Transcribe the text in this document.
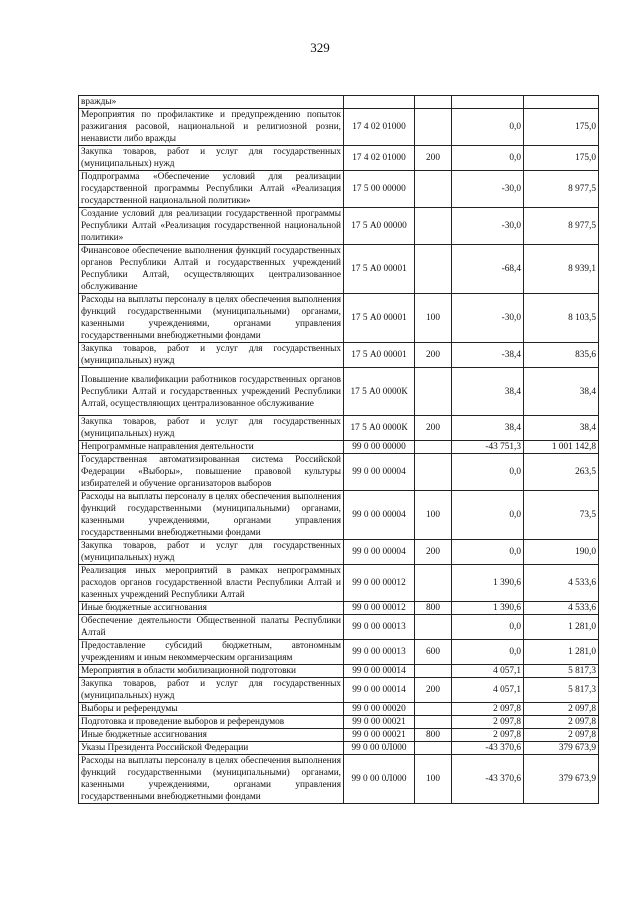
329
вражды»				
Мероприятия по профилактике и предупреждению попыток разжигания расовой, национальной и религиозной розни, ненависти либо вражды	17 4 02 01000		0,0	175,0
Закупка товаров, работ и услуг для государственных (муниципальных) нужд	17 4 02 01000	200	0,0	175,0
Подпрограмма «Обеспечение условий для реализации государственной программы Республики Алтай «Реализация государственной национальной политики»	17 5 00 00000		-30,0	8 977,5
Создание условий для реализации государственной программы Республики Алтай «Реализация государственной национальной политики»	17 5 А0 00000		-30,0	8 977,5
Финансовое обеспечение выполнения функций государственных органов Республики Алтай и государственных учреждений Республики Алтай, осуществляющих централизованное обслуживание	17 5 А0 00001		-68,4	8 939,1
Расходы на выплаты персоналу в целях обеспечения выполнения функций государственными (муниципальными) органами, казенными учреждениями, органами управления государственными внебюджетными фондами	17 5 А0 00001	100	-30,0	8 103,5
Закупка товаров, работ и услуг для государственных (муниципальных) нужд	17 5 А0 00001	200	-38,4	835,6
Повышение квалификации работников государственных органов Республики Алтай и государственных учреждений Республики Алтай, осуществляющих централизованное обслуживание	17 5 А0 0000К		38,4	38,4
Закупка товаров, работ и услуг для государственных (муниципальных) нужд	17 5 А0 0000К	200	38,4	38,4
Непрограммные направления деятельности	99 0 00 00000		-43 751,3	1 001 142,8
Государственная автоматизированная система Российской Федерации «Выборы», повышение правовой культуры избирателей и обучение организаторов выборов	99 0 00 00004		0,0	263,5
Расходы на выплаты персоналу в целях обеспечения выполнения функций государственными (муниципальными) органами, казенными учреждениями, органами управления государственными внебюджетными фондами	99 0 00 00004	100	0,0	73,5
Закупка товаров, работ и услуг для государственных (муниципальных) нужд	99 0 00 00004	200	0,0	190,0
Реализация иных мероприятий в рамках непрограммных расходов органов государственной власти Республики Алтай и казенных учреждений Республики Алтай	99 0 00 00012		1 390,6	4 533,6
Иные бюджетные ассигнования	99 0 00 00012	800	1 390,6	4 533,6
Обеспечение деятельности Общественной палаты Республики Алтай	99 0 00 00013		0,0	1 281,0
Предоставление субсидий бюджетным, автономным учреждениям и иным некоммерческим организациям	99 0 00 00013	600	0,0	1 281,0
Мероприятия в области мобилизационной подготовки	99 0 00 00014		4 057,1	5 817,3
Закупка товаров, работ и услуг для государственных (муниципальных) нужд	99 0 00 00014	200	4 057,1	5 817,3
Выборы и референдумы	99 0 00 00020		2 097,8	2 097,8
Подготовка и проведение выборов и референдумов	99 0 00 00021		2 097,8	2 097,8
Иные бюджетные ассигнования	99 0 00 00021	800	2 097,8	2 097,8
Указы Президента Российской Федерации	99 0 00 0Л000		-43 370,6	379 673,9
Расходы на выплаты персоналу в целях обеспечения выполнения функций государственными (муниципальными) органами, казенными учреждениями, органами управления государственными внебюджетными фондами	99 0 00 0Л000	100	-43 370,6	379 673,9
